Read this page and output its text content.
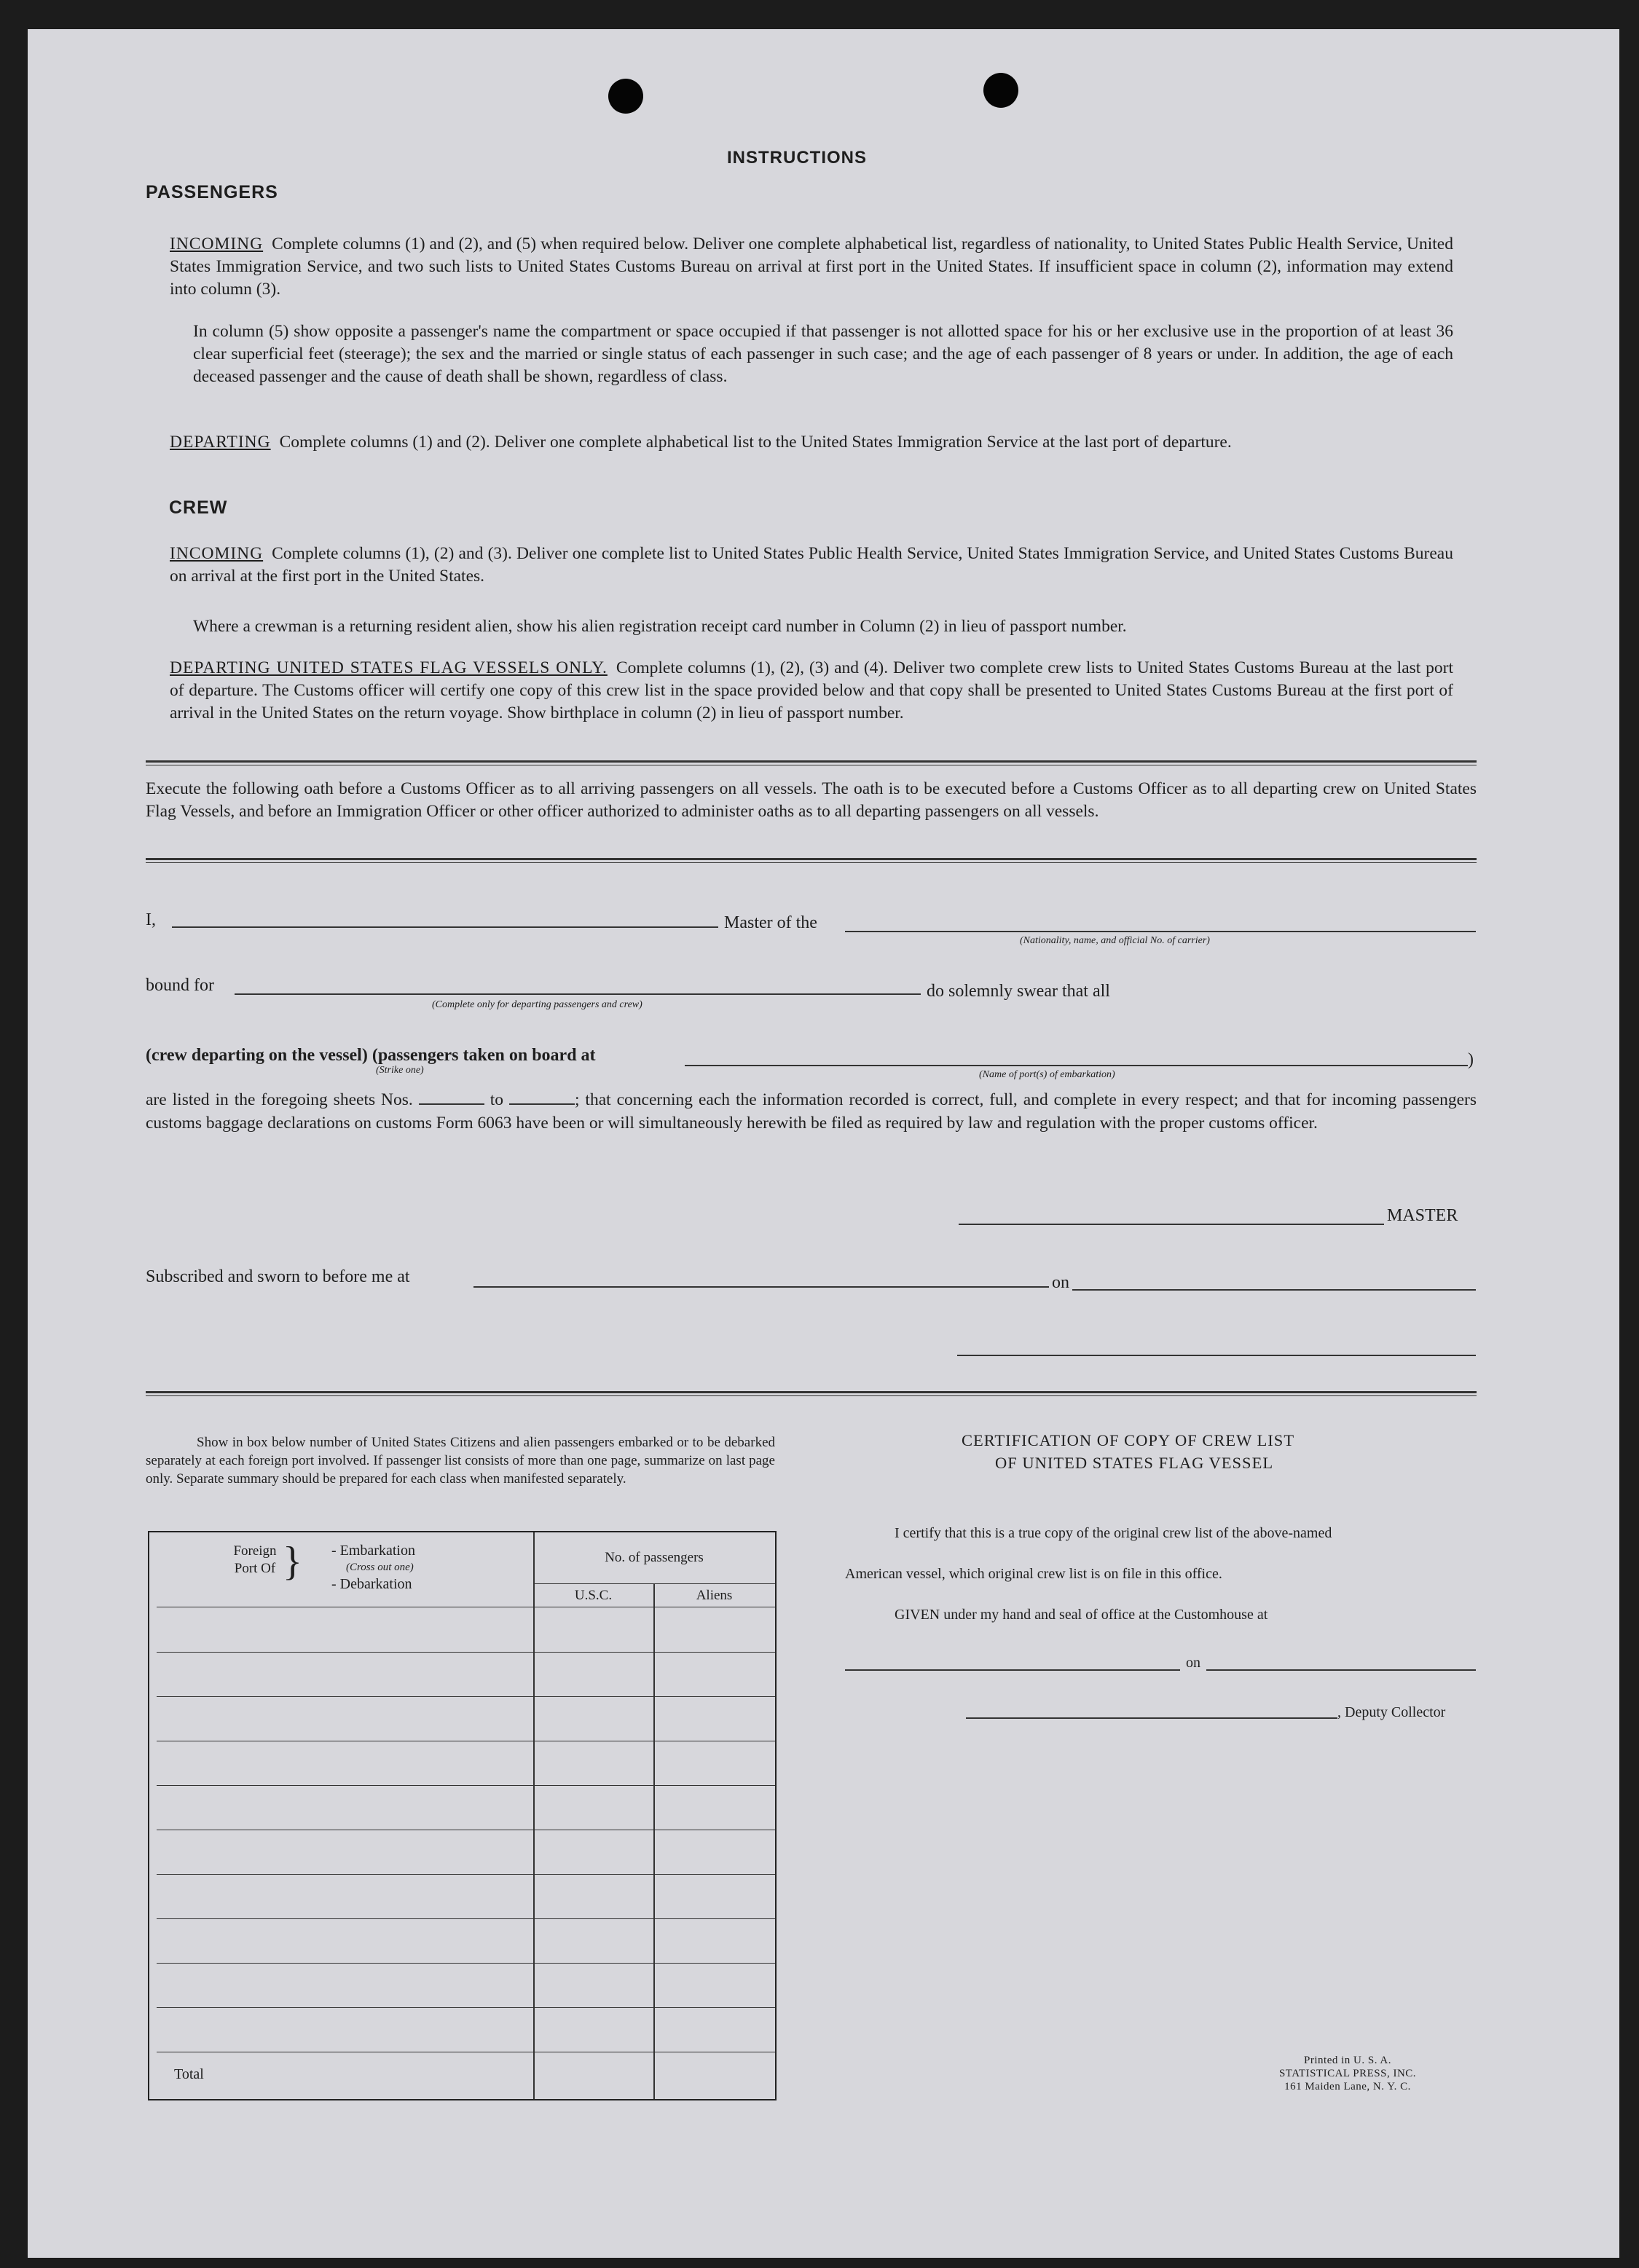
INSTRUCTIONS
PASSENGERS
INCOMING Complete columns (1) and (2), and (5) when required below. Deliver one complete alphabetical list, regardless of nationality, to United States Public Health Service, United States Immigration Service, and two such lists to United States Customs Bureau on arrival at first port in the United States. If insufficient space in column (2), information may extend into column (3).
In column (5) show opposite a passenger's name the compartment or space occupied if that passenger is not allotted space for his or her exclusive use in the proportion of at least 36 clear superficial feet (steerage); the sex and the married or single status of each passenger in such case; and the age of each passenger of 8 years or under. In addition, the age of each deceased passenger and the cause of death shall be shown, regardless of class.
DEPARTING Complete columns (1) and (2). Deliver one complete alphabetical list to the United States Immigration Service at the last port of departure.
CREW
INCOMING Complete columns (1), (2) and (3). Deliver one complete list to United States Public Health Service, United States Immigration Service, and United States Customs Bureau on arrival at the first port in the United States.
Where a crewman is a returning resident alien, show his alien registration receipt card number in Column (2) in lieu of passport number.
DEPARTING UNITED STATES FLAG VESSELS ONLY. Complete columns (1), (2), (3) and (4). Deliver two complete crew lists to United States Customs Bureau at the last port of departure. The Customs officer will certify one copy of this crew list in the space provided below and that copy shall be presented to United States Customs Bureau at the first port of arrival in the United States on the return voyage. Show birthplace in column (2) in lieu of passport number.
Execute the following oath before a Customs Officer as to all arriving passengers on all vessels. The oath is to be executed before a Customs Officer as to all departing crew on United States Flag Vessels, and before an Immigration Officer or other officer authorized to administer oaths as to all departing passengers on all vessels.
I,	Master of the
(Nationality, name, and official No. of carrier)
bound for
(Complete only for departing passengers and crew)
do solemnly swear that all
(crew departing on the vessel) (passengers taken on board at
(Strike one)
)
(Name of port(s) of embarkation)
are listed in the foregoing sheets Nos.	to	; that concerning each the information recorded is correct, full, and complete in every respect; and that for incoming passengers customs baggage declarations on customs Form 6063 have been or will simultaneously herewith be filed as required by law and regulation with the proper customs officer.
MASTER
Subscribed and sworn to before me at	on
Show in box below number of United States Citizens and alien passengers embarked or to be debarked separately at each foreign port involved. If passenger list consists of more than one page, summarize on last page only. Separate summary should be prepared for each class when manifested separately.
Foreign Port Of } - Embarkation
(Cross out one)
- Debarkation
No. of passengers
U.S.C.	Aliens
Total
CERTIFICATION OF COPY OF CREW LIST
OF UNITED STATES FLAG VESSEL
I certify that this is a true copy of the original crew list of the above-named
American vessel, which original crew list is on file in this office.
GIVEN under my hand and seal of office at the Customhouse at
on
, Deputy Collector
Printed in U. S. A.
STATISTICAL PRESS, INC.
161 Maiden Lane, N. Y. C.
